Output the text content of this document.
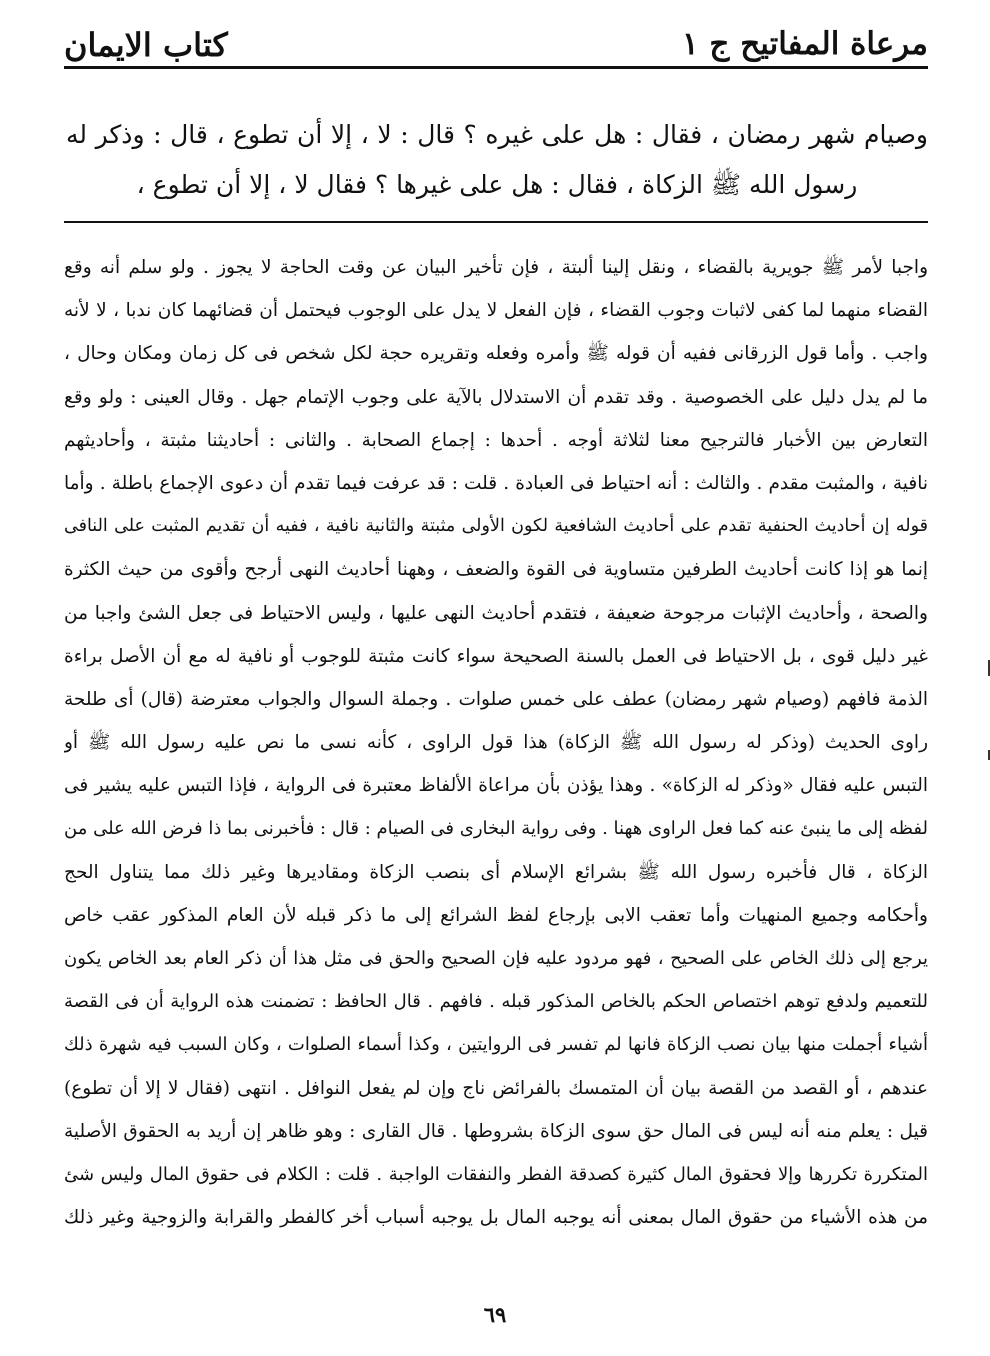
مرعاة المفاتيح ج ١
كتاب الايمان
وصيام شهر رمضان ، فقال : هل على غيره ؟ قال : لا ، إلا أن تطوع ، قال : وذكر له
رسول الله ﷺ الزكاة ، فقال : هل على غيرها ؟ فقال لا ، إلا أن تطوع ،
واجبا لأمر ﷺ جويرية بالقضاء ، ونقل إلينا ألبتة ، فإن تأخير البيان عن وقت الحاجة لا يجوز . ولو سلم أنه وقع
القضاء منهما لما كفى لاثبات وجوب القضاء ، فإن الفعل لا يدل على الوجوب فيحتمل أن قضائهما كان ندبا ، لا لأنه
واجب . وأما قول الزرقانى ففيه أن قوله ﷺ وأمره وفعله وتقريره حجة لكل شخص فى كل زمان ومكان وحال ،
ما لم يدل دليل على الخصوصية . وقد تقدم أن الاستدلال بالآية على وجوب الإتمام جهل . وقال العينى : ولو وقع
التعارض بين الأخبار فالترجيح معنا لثلاثة أوجه . أحدها : إجماع الصحابة . والثانى : أحاديثنا مثبتة ، وأحاديثهم
نافية ، والمثبت مقدم . والثالث : أنه احتياط فى العبادة . قلت : قد عرفت فيما تقدم أن دعوى الإجماع باطلة . وأما
قوله إن أحاديث الحنفية تقدم على أحاديث الشافعية لكون الأولى مثبتة والثانية نافية ، ففيه أن تقديم المثبت على النافى
إنما هو إذا كانت أحاديث الطرفين متساوية فى القوة والضعف ، وههنا أحاديث النهى أرجح وأقوى من حيث الكثرة
والصحة ، وأحاديث الإثبات مرجوحة ضعيفة ، فتقدم أحاديث النهى عليها ، وليس الاحتياط فى جعل الشئ واجبا من
غير دليل قوى ، بل الاحتياط فى العمل بالسنة الصحيحة سواء كانت مثبتة للوجوب أو نافية له مع أن الأصل براءة
الذمة فافهم (وصيام شهر رمضان) عطف على خمس صلوات . وجملة السوال والجواب معترضة (قال) أى طلحة
راوى الحديث (وذكر له رسول الله ﷺ الزكاة) هذا قول الراوى ، كأنه نسى ما نص عليه رسول الله ﷺ أو
التبس عليه فقال «وذكر له الزكاة» . وهذا يؤذن بأن مراعاة الألفاظ معتبرة فى الرواية ، فإذا التبس عليه يشير فى
لفظه إلى ما ينبئ عنه كما فعل الراوى ههنا . وفى رواية البخارى فى الصيام : قال : فأخبرنى بما ذا فرض الله على من
الزكاة ، قال فأخبره رسول الله ﷺ بشرائع الإسلام أى بنصب الزكاة ومقاديرها وغير ذلك مما يتناول الحج
وأحكامه وجميع المنهيات وأما تعقب الابى بإرجاع لفظ الشرائع إلى ما ذكر قبله لأن العام المذكور عقب خاص
يرجع إلى ذلك الخاص على الصحيح ، فهو مردود عليه فإن الصحيح والحق فى مثل هذا أن ذكر العام بعد الخاص يكون
للتعميم ولدفع توهم اختصاص الحكم بالخاص المذكور قبله . فافهم . قال الحافظ : تضمنت هذه الرواية أن فى القصة
أشياء أجملت منها بيان نصب الزكاة فانها لم تفسر فى الروايتين ، وكذا أسماء الصلوات ، وكان السبب فيه شهرة ذلك
عندهم ، أو القصد من القصة بيان أن المتمسك بالفرائض ناج وإن لم يفعل النوافل . انتهى (فقال لا إلا أن تطوع)
قيل : يعلم منه أنه ليس فى المال حق سوى الزكاة بشروطها . قال القارى : وهو ظاهر إن أريد به الحقوق الأصلية
المتكررة تكررها وإلا فحقوق المال كثيرة كصدقة الفطر والنفقات الواجبة . قلت : الكلام فى حقوق المال وليس شئ
من هذه الأشياء من حقوق المال بمعنى أنه يوجبه المال بل يوجبه أسباب أخر كالفطر والقرابة والزوجية وغير ذلك
٦٩
